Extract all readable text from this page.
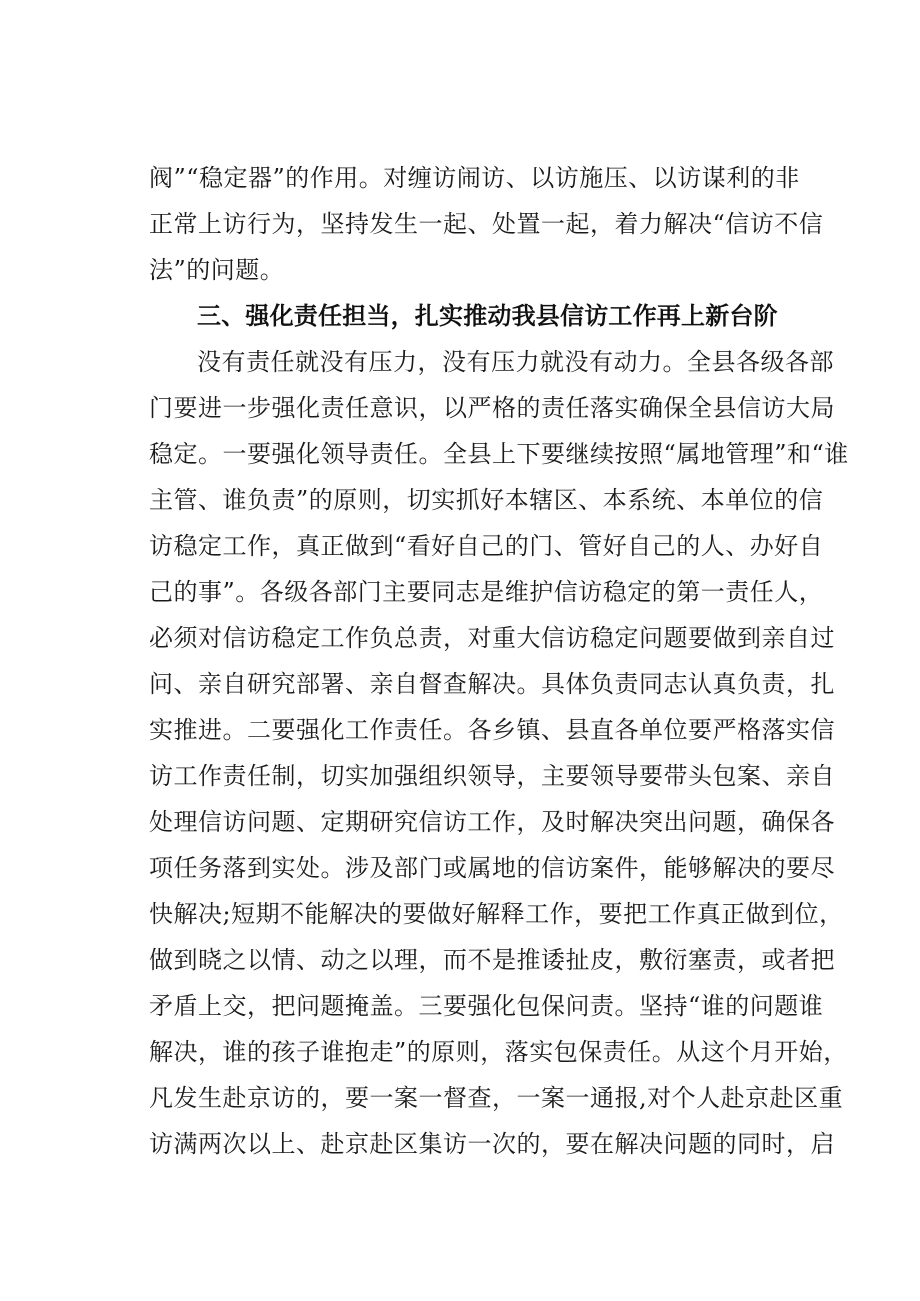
阀”“稳定器”的作用。对缠访闹访、以访施压、以访谋利的非
正常上访行为，坚持发生一起、处置一起，着力解决“信访不信
法”的问题。
三、强化责任担当，扎实推动我县信访工作再上新台阶
没有责任就没有压力，没有压力就没有动力。全县各级各部
门要进一步强化责任意识，以严格的责任落实确保全县信访大局
稳定。一要强化领导责任。全县上下要继续按照“属地管理”和“谁
主管、谁负责”的原则，切实抓好本辖区、本系统、本单位的信
访稳定工作，真正做到“看好自己的门、管好自己的人、办好自
己的事”。各级各部门主要同志是维护信访稳定的第一责任人，
必须对信访稳定工作负总责，对重大信访稳定问题要做到亲自过
问、亲自研究部署、亲自督查解决。具体负责同志认真负责，扎
实推进。二要强化工作责任。各乡镇、县直各单位要严格落实信
访工作责任制，切实加强组织领导，主要领导要带头包案、亲自
处理信访问题、定期研究信访工作，及时解决突出问题，确保各
项任务落到实处。涉及部门或属地的信访案件，能够解决的要尽
快解决;短期不能解决的要做好解释工作，要把工作真正做到位，
做到晓之以情、动之以理，而不是推诿扯皮，敷衍塞责，或者把
矛盾上交，把问题掩盖。三要强化包保问责。坚持“谁的问题谁
解决，谁的孩子谁抱走”的原则，落实包保责任。从这个月开始，
凡发生赴京访的，要一案一督查，一案一通报,对个人赴京赴区重
访满两次以上、赴京赴区集访一次的，要在解决问题的同时，启
